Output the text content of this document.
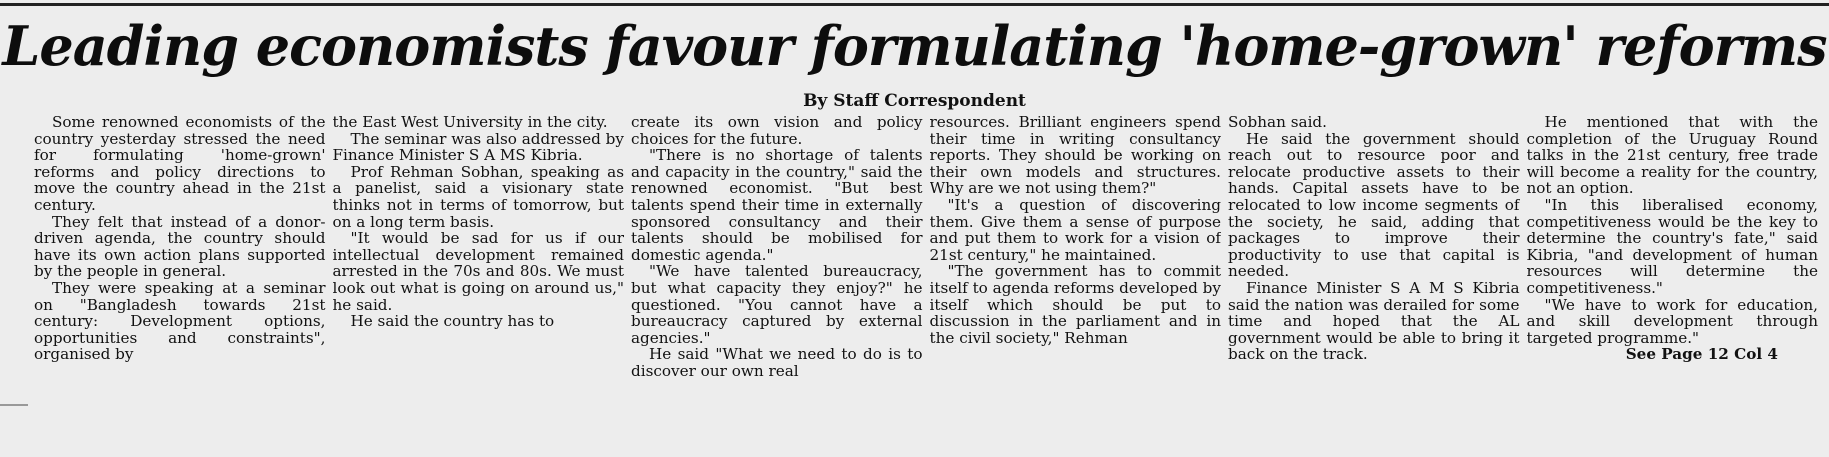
Leading economists favour formulating 'home-grown' reforms
By Staff Correspondent

Some renowned economists of the country yesterday stressed the need for formulating 'home-grown' reforms and policy directions to move the country ahead in the 21st century.

They felt that instead of a donor-driven agenda, the country should have its own action plans supported by the people in general.

They were speaking at a seminar on "Bangladesh towards 21st century: Development options, opportunities and constraints", organised by

the East West University in the city.

The seminar was also addressed by Finance Minister S A MS Kibria.

Prof Rehman Sobhan, speaking as a panelist, said a visionary state thinks not in terms of tomorrow, but on a long term basis.

"It would be sad for us if our intellectual development remained arrested in the 70s and 80s. We must look out what is going on around us," he said.

He said the country has to

create its own vision and policy choices for the future.

"There is no shortage of talents and capacity in the country," said the renowned economist. "But best talents spend their time in externally sponsored consultancy and their talents should be mobilised for domestic agenda."

"We have talented bureaucracy, but what capacity they enjoy?" he questioned. "You cannot have a bureaucracy captured by external agencies."

He said "What we need to do is to discover our own real

resources. Brilliant engineers spend their time in writing consultancy reports. They should be working on their own models and structures. Why are we not using them?"

"It's a question of discovering them. Give them a sense of purpose and put them to work for a vision of 21st century," he maintained.

"The government has to commit itself to agenda reforms developed by itself which should be put to discussion in the parliament and in the civil society," Rehman

Sobhan said.

He said the government should reach out to resource poor and relocate productive assets to their hands. Capital assets have to be relocated to low income segments of the society, he said, adding that packages to improve their productivity to use that capital is needed.

Finance Minister S A M S Kibria said the nation was derailed for some time and hoped that the AL government would be able to bring it back on the track.

He mentioned that with the completion of the Uruguay Round talks in the 21st century, free trade will become a reality for the country, not an option.

"In this liberalised economy, competitiveness would be the key to determine the country's fate," said Kibria, "and development of human resources will determine the competitiveness."

"We have to work for education, and skill development through targeted programme."

See Page 12 Col 4
